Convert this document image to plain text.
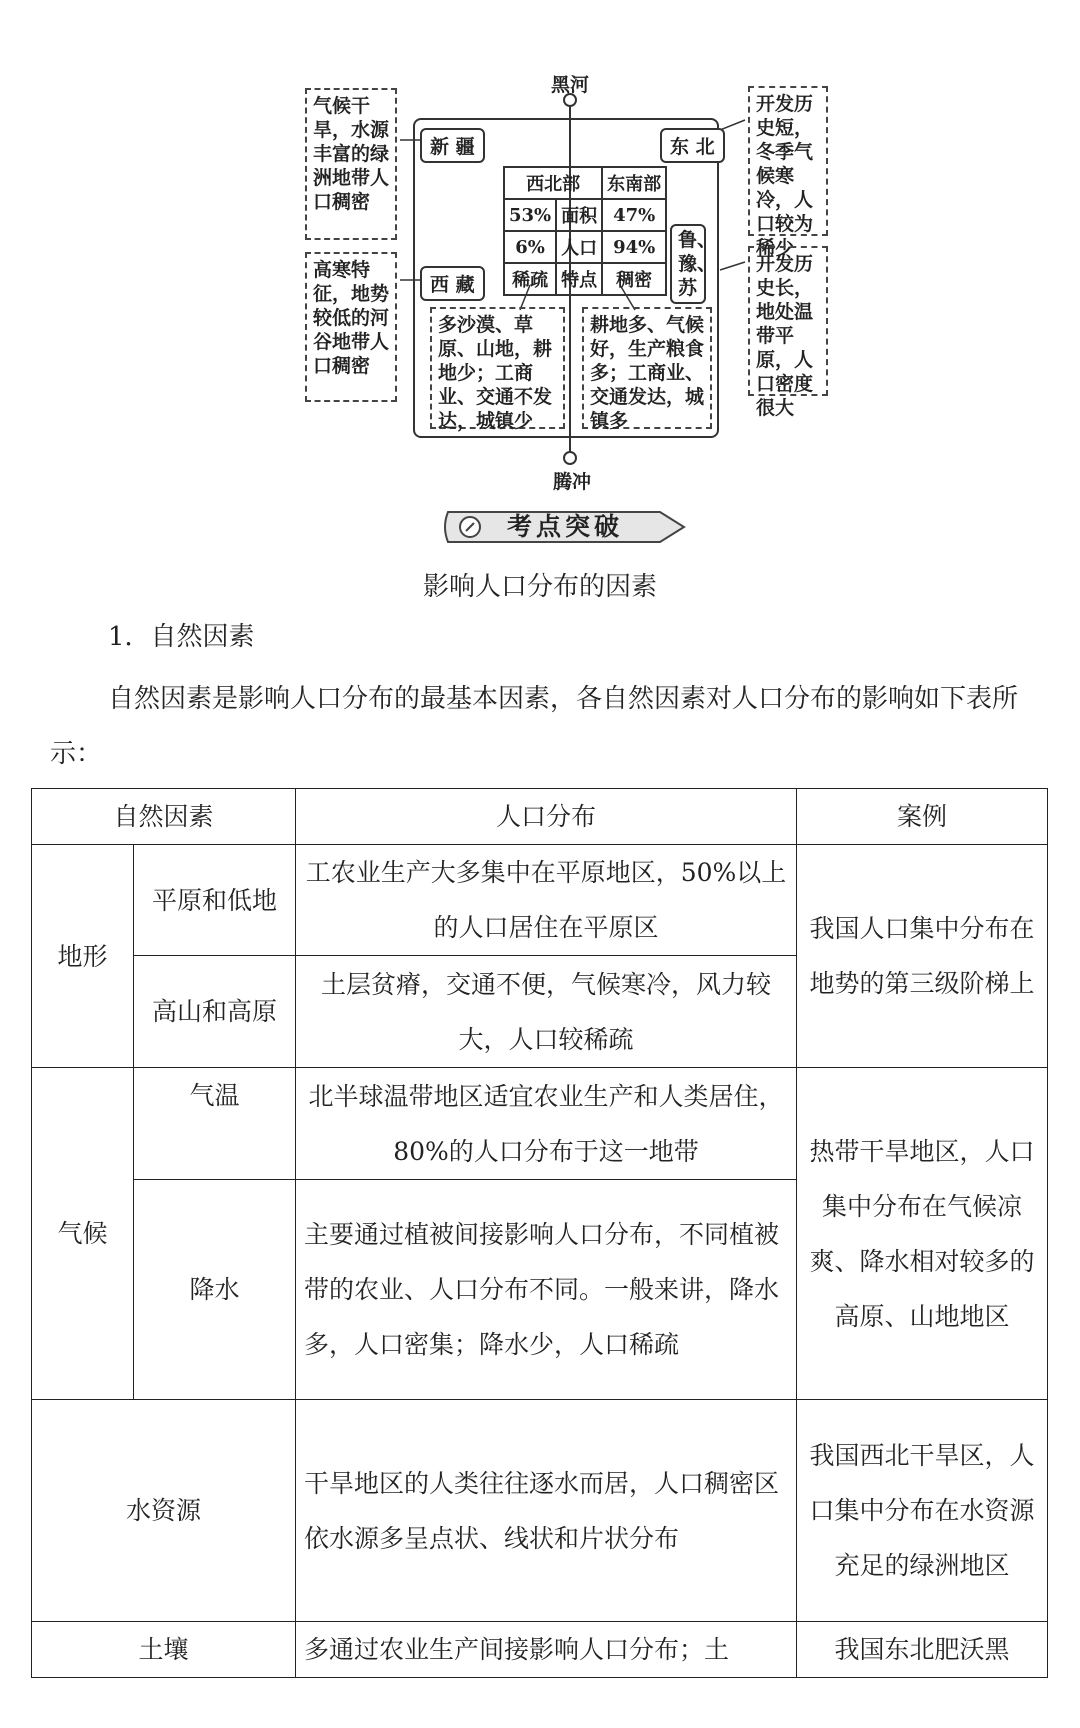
黑河
腾冲
新 疆
西 藏
东 北
鲁、豫、苏
西北部		东南部
53%	面积	47%
6%	人口	94%
稀疏	特点	稠密
气候干旱，水源丰富的绿洲地带人口稠密
高寒特征，地势较低的河谷地带人口稠密
开发历史短，冬季气候寒冷，人口较为稀少
开发历史长，地处温带平原，人口密度很大
多沙漠、草原、山地，耕地少；工商业、交通不发达，城镇少
耕地多、气候好，生产粮食多；工商业、交通发达，城镇多
考点突破
影响人口分布的因素
1．自然因素
自然因素是影响人口分布的最基本因素，各自然因素对人口分布的影响如下表所示：
自然因素		人口分布	案例
地形	平原和低地	工农业生产大多集中在平原地区，50%以上的人口居住在平原区	我国人口集中分布在地势的第三级阶梯上
	高山和高原	土层贫瘠，交通不便，气候寒冷，风力较大，人口较稀疏	
气候	气温	北半球温带地区适宜农业生产和人类居住，80%的人口分布于这一地带	热带干旱地区，人口集中分布在气候凉爽、降水相对较多的高原、山地地区
	降水	主要通过植被间接影响人口分布，不同植被带的农业、人口分布不同。一般来讲，降水多，人口密集；降水少，人口稀疏	
水资源		干旱地区的人类往往逐水而居，人口稠密区依水源多呈点状、线状和片状分布	我国西北干旱区，人口集中分布在水资源充足的绿洲地区
土壤		多通过农业生产间接影响人口分布；土	我国东北肥沃黑
